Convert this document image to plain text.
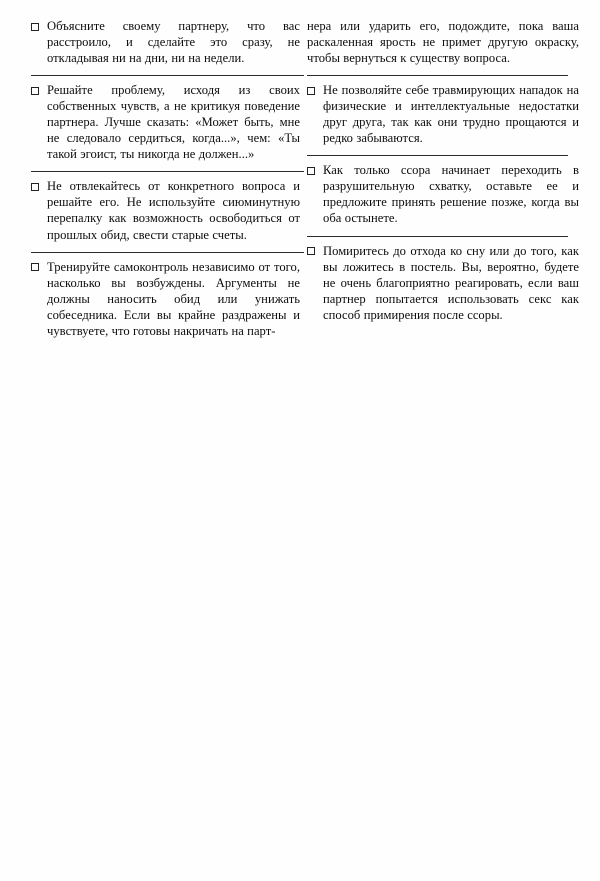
Объясните своему партнеру, что вас расстроило, и сделайте это сразу, не откладывая ни на дни, ни на недели.
Решайте проблему, исходя из своих собственных чувств, а не критикуя поведение партнера. Лучше сказать: «Может быть, мне не следовало сердиться, когда...», чем: «Ты такой эгоист, ты никогда не должен...»
Не отвлекайтесь от конкретного вопроса и решайте его. Не используйте сиюминутную перепалку как возможность освободиться от прошлых обид, свести старые счеты.
Тренируйте самоконтроль независимо от того, насколько вы возбуждены. Аргументы не должны наносить обид или унижать собеседника. Если вы крайне раздражены и чувствуете, что готовы накричать на парт-
нера или ударить его, подождите, пока ваша раскаленная ярость не примет другую окраску, чтобы вернуться к существу вопроса.
Не позволяйте себе травмирующих нападок на физические и интеллектуальные недостатки друг друга, так как они трудно прощаются и редко забываются.
Как только ссора начинает переходить в разрушительную схватку, оставьте ее и предложите принять решение позже, когда вы оба остынете.
Помиритесь до отхода ко сну или до того, как вы ложитесь в постель. Вы, вероятно, будете не очень благоприятно реагировать, если ваш партнер попытается использовать секс как способ примирения после ссоры.
